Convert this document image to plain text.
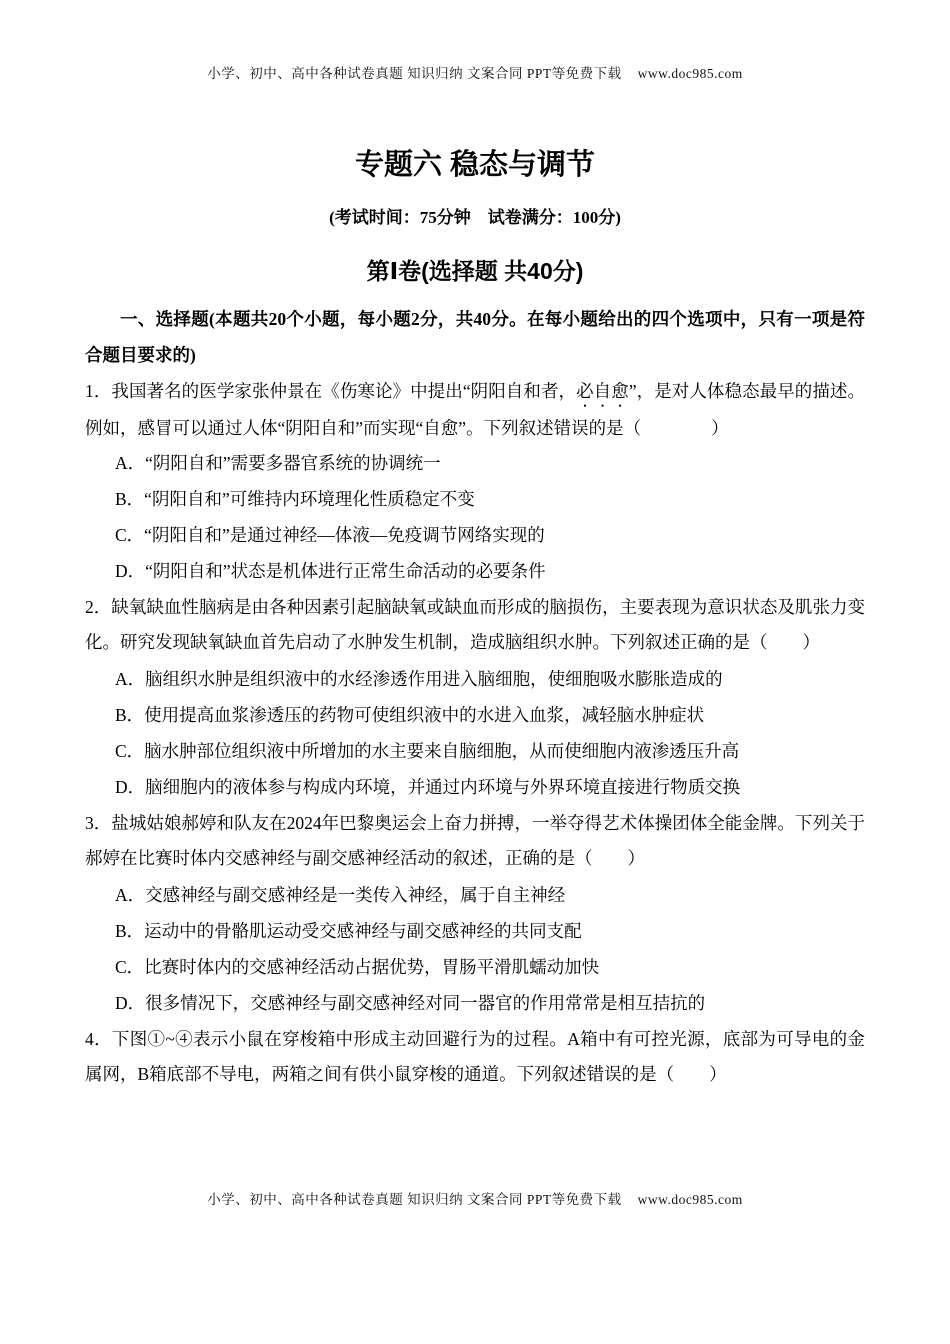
小学、初中、高中各种试卷真题 知识归纳 文案合同 PPT等免费下载 www.doc985.com
专题六 稳态与调节
(考试时间：75分钟　试卷满分：100分)
第Ⅰ卷(选择题 共40分)

一、选择题(本题共20个小题，每小题2分，共40分。在每小题给出的四个选项中，只有一项是符合题目要求的)

1．我国著名的医学家张仲景在《伤寒论》中提出“阴阳自和者，必自愈”，是对人体稳态最早的描述。例如，感冒可以通过人体“阴阳自和”而实现“自愈”。下列叙述错误的是（　　　　）

A．“阴阳自和”需要多器官系统的协调统一

B．“阴阳自和”可维持内环境理化性质稳定不变

C．“阴阳自和”是通过神经—体液—免疫调节网络实现的

D．“阴阳自和”状态是机体进行正常生命活动的必要条件

2．缺氧缺血性脑病是由各种因素引起脑缺氧或缺血而形成的脑损伤，主要表现为意识状态及肌张力变化。研究发现缺氧缺血首先启动了水肿发生机制，造成脑组织水肿。下列叙述正确的是（　　）

A．脑组织水肿是组织液中的水经渗透作用进入脑细胞，使细胞吸水膨胀造成的

B．使用提高血浆渗透压的药物可使组织液中的水进入血浆，减轻脑水肿症状

C．脑水肿部位组织液中所增加的水主要来自脑细胞，从而使细胞内液渗透压升高

D．脑细胞内的液体参与构成内环境，并通过内环境与外界环境直接进行物质交换

3．盐城姑娘郝婷和队友在2024年巴黎奥运会上奋力拼搏，一举夺得艺术体操团体全能金牌。下列关于郝婷在比赛时体内交感神经与副交感神经活动的叙述，正确的是（　　）

A．交感神经与副交感神经是一类传入神经，属于自主神经

B．运动中的骨骼肌运动受交感神经与副交感神经的共同支配

C．比赛时体内的交感神经活动占据优势，胃肠平滑肌蠕动加快

D．很多情况下，交感神经与副交感神经对同一器官的作用常常是相互拮抗的

4．下图①~④表示小鼠在穿梭箱中形成主动回避行为的过程。A箱中有可控光源，底部为可导电的金属网，B箱底部不导电，两箱之间有供小鼠穿梭的通道。下列叙述错误的是（　　）

小学、初中、高中各种试卷真题 知识归纳 文案合同 PPT等免费下载 www.doc985.com
